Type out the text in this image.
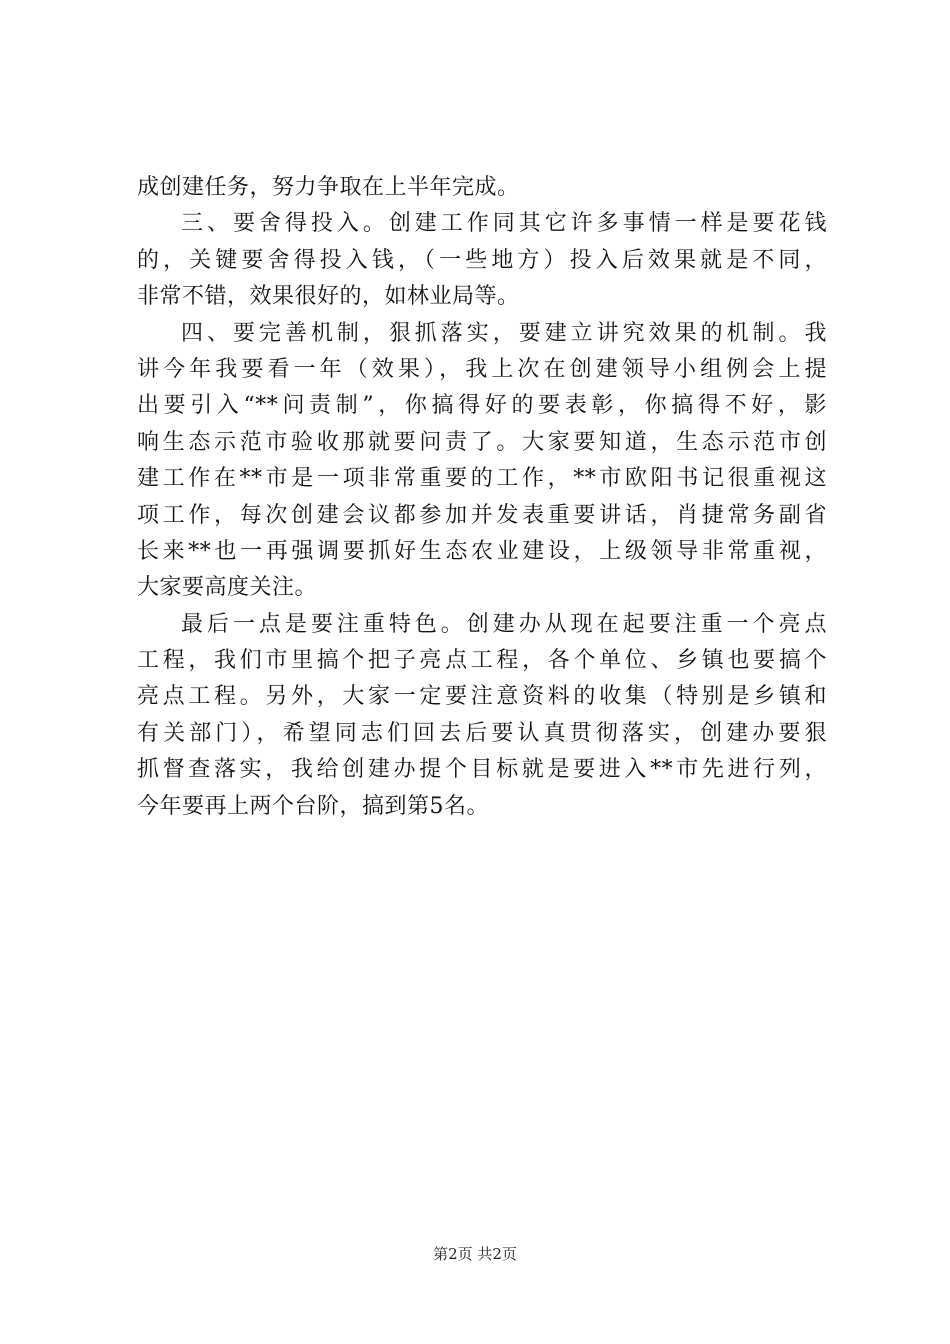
成创建任务，努力争取在上半年完成。
三、要舍得投入。创建工作同其它许多事情一样是要花钱
的，关键要舍得投入钱，（一些地方）投入后效果就是不同，
非常不错，效果很好的，如林业局等。
四、要完善机制，狠抓落实，要建立讲究效果的机制。我
讲今年我要看一年（效果），我上次在创建领导小组例会上提
出要引入“**问责制”，你搞得好的要表彰，你搞得不好，影
响生态示范市验收那就要问责了。大家要知道，生态示范市创
建工作在**市是一项非常重要的工作，**市欧阳书记很重视这
项工作，每次创建会议都参加并发表重要讲话，肖捷常务副省
长来**也一再强调要抓好生态农业建设，上级领导非常重视，
大家要高度关注。
最后一点是要注重特色。创建办从现在起要注重一个亮点
工程，我们市里搞个把子亮点工程，各个单位、乡镇也要搞个
亮点工程。另外，大家一定要注意资料的收集（特别是乡镇和
有关部门），希望同志们回去后要认真贯彻落实，创建办要狠
抓督查落实，我给创建办提个目标就是要进入**市先进行列，
今年要再上两个台阶，搞到第5名。
第2页 共2页
